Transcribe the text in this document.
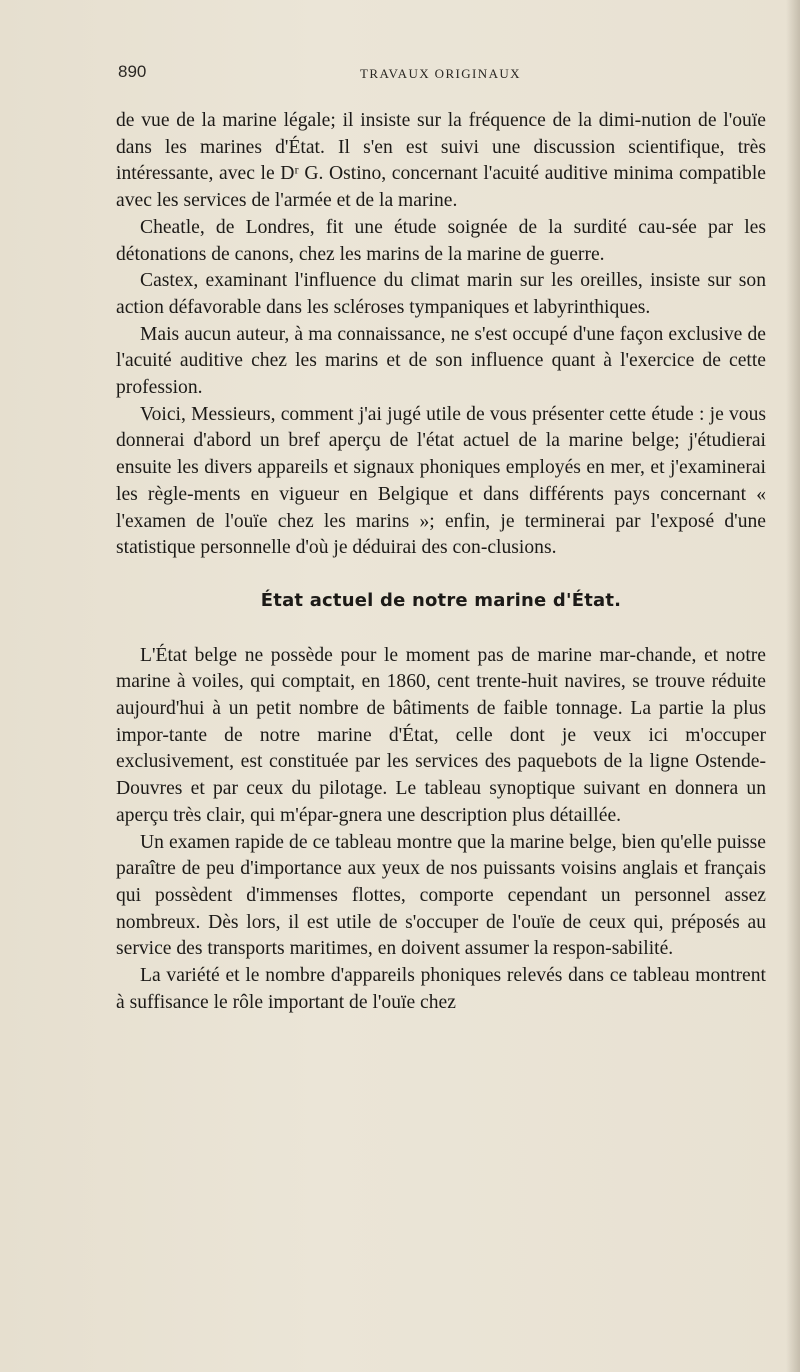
890	TRAVAUX ORIGINAUX

de vue de la marine légale; il insiste sur la fréquence de la dimi-nution de l'ouïe dans les marines d'État. Il s'en est suivi une discussion scientifique, très intéressante, avec le Dʳ G. Ostino, concernant l'acuité auditive minima compatible avec les services de l'armée et de la marine.

Cheatle, de Londres, fit une étude soignée de la surdité cau-sée par les détonations de canons, chez les marins de la marine de guerre.

Castex, examinant l'influence du climat marin sur les oreilles, insiste sur son action défavorable dans les scléroses tympaniques et labyrinthiques.

Mais aucun auteur, à ma connaissance, ne s'est occupé d'une façon exclusive de l'acuité auditive chez les marins et de son influence quant à l'exercice de cette profession.

Voici, Messieurs, comment j'ai jugé utile de vous présenter cette étude : je vous donnerai d'abord un bref aperçu de l'état actuel de la marine belge; j'étudierai ensuite les divers appareils et signaux phoniques employés en mer, et j'examinerai les règle-ments en vigueur en Belgique et dans différents pays concernant « l'examen de l'ouïe chez les marins »; enfin, je terminerai par l'exposé d'une statistique personnelle d'où je déduirai des con-clusions.

État actuel de notre marine d'État.

L'État belge ne possède pour le moment pas de marine mar-chande, et notre marine à voiles, qui comptait, en 1860, cent trente-huit navires, se trouve réduite aujourd'hui à un petit nombre de bâtiments de faible tonnage. La partie la plus impor-tante de notre marine d'État, celle dont je veux ici m'occuper exclusivement, est constituée par les services des paquebots de la ligne Ostende-Douvres et par ceux du pilotage. Le tableau synoptique suivant en donnera un aperçu très clair, qui m'épar-gnera une description plus détaillée.

Un examen rapide de ce tableau montre que la marine belge, bien qu'elle puisse paraître de peu d'importance aux yeux de nos puissants voisins anglais et français qui possèdent d'immenses flottes, comporte cependant un personnel assez nombreux. Dès lors, il est utile de s'occuper de l'ouïe de ceux qui, préposés au service des transports maritimes, en doivent assumer la respon-sabilité.

La variété et le nombre d'appareils phoniques relevés dans ce tableau montrent à suffisance le rôle important de l'ouïe chez
